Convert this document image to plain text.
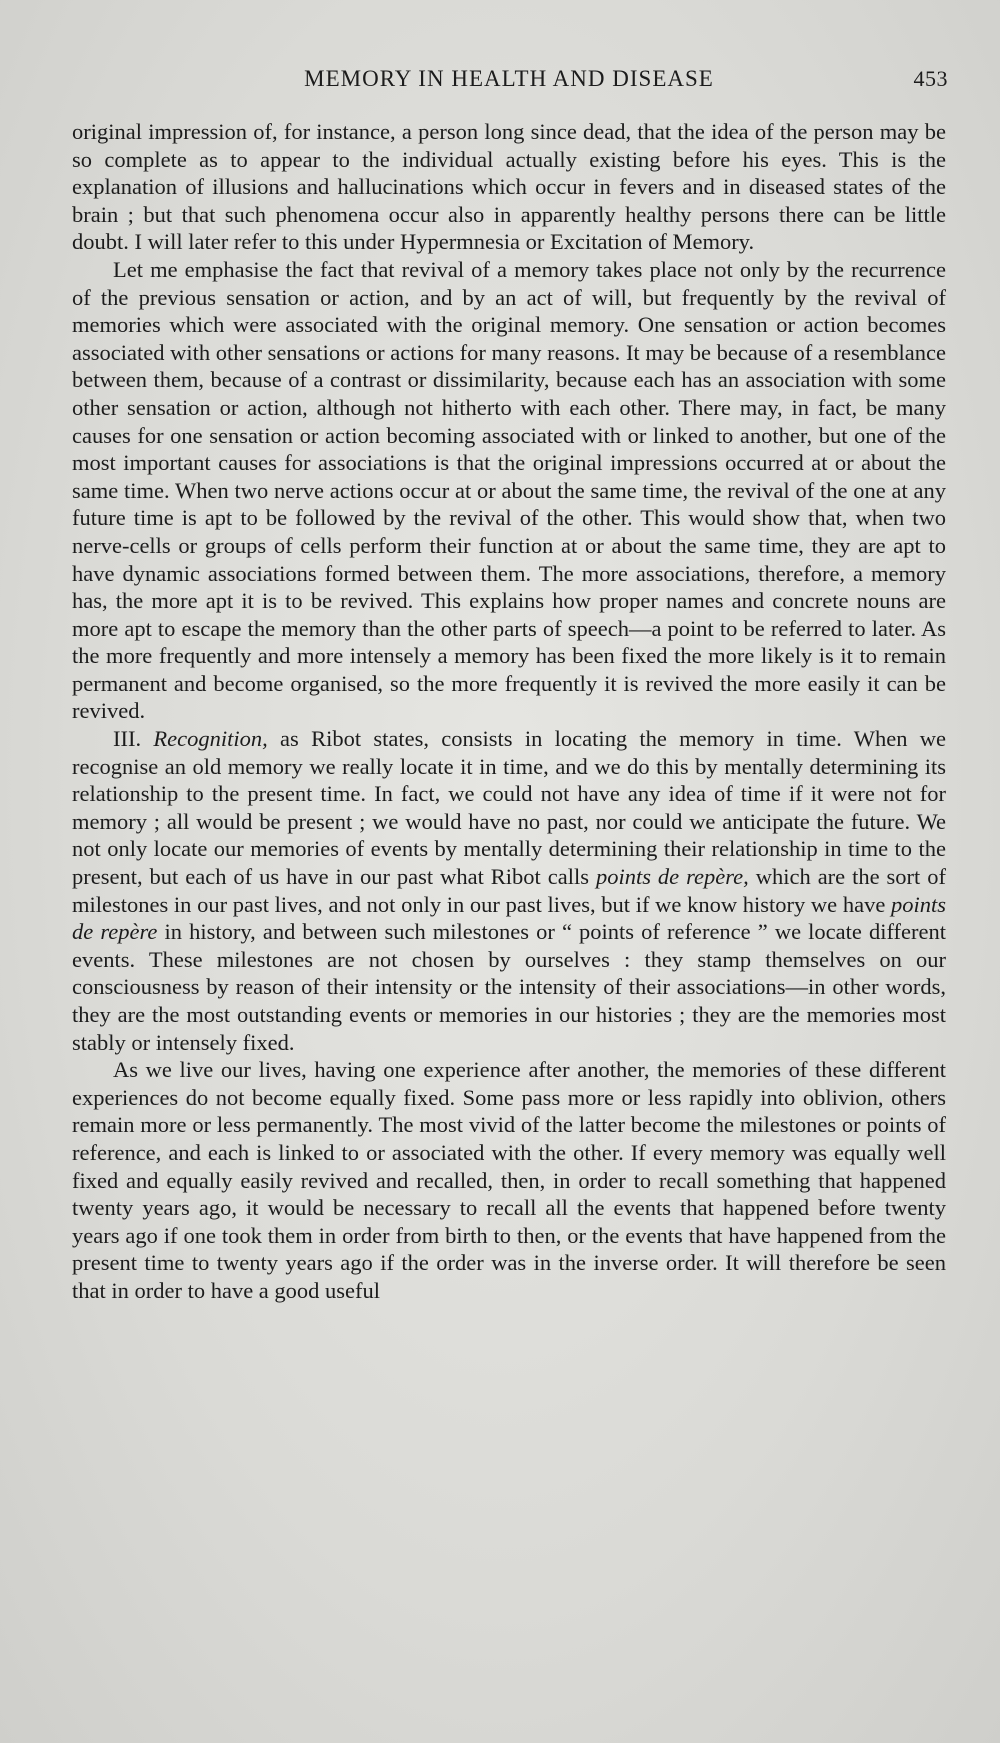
MEMORY IN HEALTH AND DISEASE	453

original impression of, for instance, a person long since dead, that the idea of the person may be so complete as to appear to the individual actually existing before his eyes. This is the explanation of illusions and hallucinations which occur in fevers and in diseased states of the brain ; but that such phenomena occur also in apparently healthy persons there can be little doubt. I will later refer to this under Hypermnesia or Excitation of Memory.

Let me emphasise the fact that revival of a memory takes place not only by the recurrence of the previous sensation or action, and by an act of will, but frequently by the revival of memories which were associated with the original memory. One sensation or action becomes associated with other sensations or actions for many reasons. It may be because of a resemblance between them, because of a contrast or dissimilarity, because each has an association with some other sensation or action, although not hitherto with each other. There may, in fact, be many causes for one sensation or action becoming associated with or linked to another, but one of the most important causes for associations is that the original impressions occurred at or about the same time. When two nerve actions occur at or about the same time, the revival of the one at any future time is apt to be followed by the revival of the other. This would show that, when two nerve-cells or groups of cells perform their function at or about the same time, they are apt to have dynamic associations formed between them. The more associations, therefore, a memory has, the more apt it is to be revived. This explains how proper names and concrete nouns are more apt to escape the memory than the other parts of speech—a point to be referred to later. As the more frequently and more intensely a memory has been fixed the more likely is it to remain permanent and become organised, so the more frequently it is revived the more easily it can be revived.

III. Recognition, as Ribot states, consists in locating the memory in time. When we recognise an old memory we really locate it in time, and we do this by mentally determining its relationship to the present time. In fact, we could not have any idea of time if it were not for memory ; all would be present ; we would have no past, nor could we anticipate the future. We not only locate our memories of events by mentally determining their relationship in time to the present, but each of us have in our past what Ribot calls points de repère, which are the sort of milestones in our past lives, and not only in our past lives, but if we know history we have points de repère in history, and between such milestones or “ points of reference ” we locate different events. These milestones are not chosen by ourselves : they stamp themselves on our consciousness by reason of their intensity or the intensity of their associations—in other words, they are the most outstanding events or memories in our histories ; they are the memories most stably or intensely fixed.

As we live our lives, having one experience after another, the memories of these different experiences do not become equally fixed. Some pass more or less rapidly into oblivion, others remain more or less permanently. The most vivid of the latter become the milestones or points of reference, and each is linked to or associated with the other. If every memory was equally well fixed and equally easily revived and recalled, then, in order to recall something that happened twenty years ago, it would be necessary to recall all the events that happened before twenty years ago if one took them in order from birth to then, or the events that have happened from the present time to twenty years ago if the order was in the inverse order. It will therefore be seen that in order to have a good useful
